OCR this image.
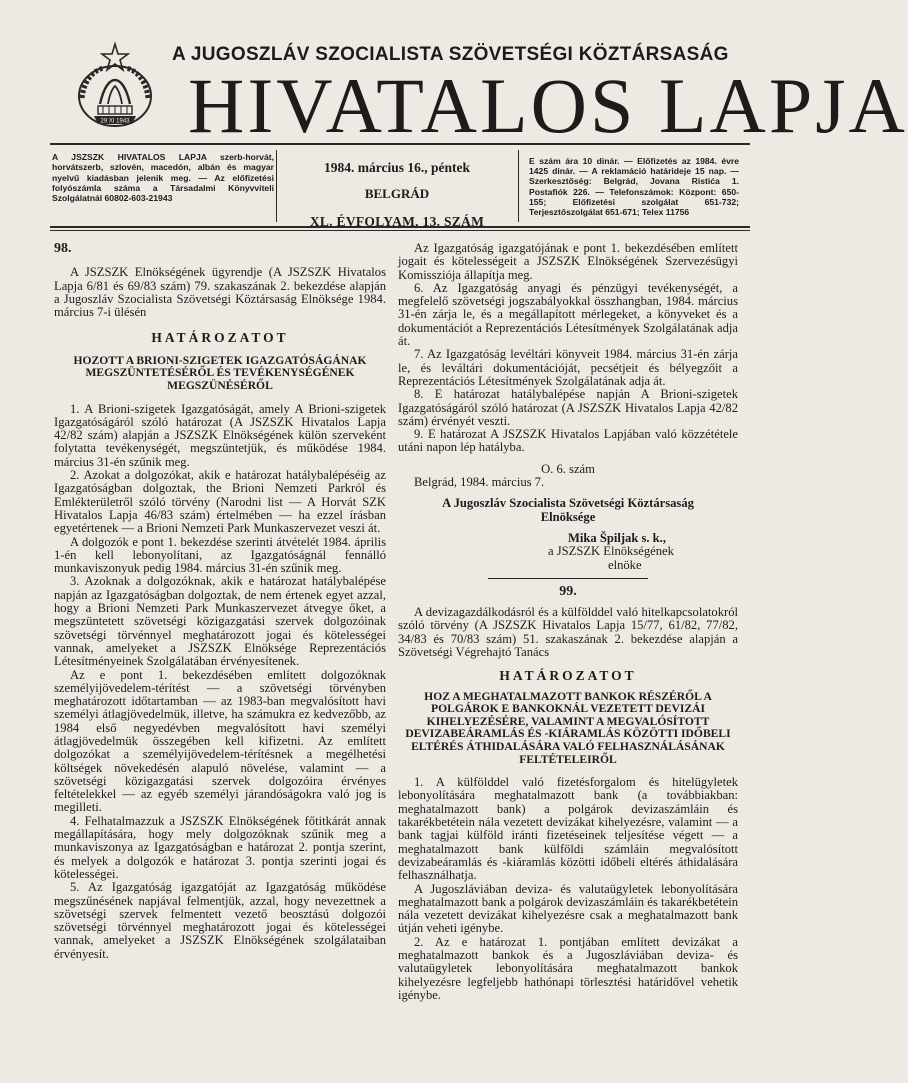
29 XI 1943
A JUGOSZLÁV SZOCIALISTA SZÖVETSÉGI KÖZTÁRSASÁG
HIVATALOS LAPJA
A JSZSZK HIVATALOS LAPJA szerb-horvát, horvátszerb, szlovén, macedón, albán és magyar nyelvű kiadásban jelenik meg. — Az előfizetési folyószámla száma a Társadalmi Könyvviteli Szolgálatnál 60802-603-21943
1984. március 16., péntek
BELGRÁD
XL. ÉVFOLYAM, 13. SZÁM
E szám ára 10 dinár. — Előfizetés az 1984. évre 1425 dinár. — A reklamáció határideje 15 nap. — Szerkesztőség: Belgrád, Jovana Ristića 1. Postafiók 226. — Telefonszámok: Központ: 650-155; Előfizetési szolgálat 651-732; Terjesztőszolgálat 651-671; Telex 11756

98.

A JSZSZK Elnökségének ügyrendje (A JSZSZK Hivatalos Lapja 6/81 és 69/83 szám) 79. szakaszának 2. bekezdése alapján a Jugoszláv Szocialista Szövetségi Köztársaság Elnöksége 1984. március 7-i ülésén

HATÁROZATOT

HOZOTT A BRIONI-SZIGETEK IGAZGATÓSÁGÁNAK MEGSZÜNTETÉSÉRŐL ÉS TEVÉKENYSÉGÉNEK MEGSZÜNÉSÉRŐL

1. A Brioni-szigetek Igazgatóságát, amely A Brioni-szigetek Igazgatóságáról szóló határozat (A JSZSZK Hivatalos Lapja 42/82 szám) alapján a JSZSZK Elnökségének külön szerveként folytatta tevékenységét, megszüntetjük, és működése 1984. március 31-én szűnik meg.

2. Azokat a dolgozókat, akik e határozat hatálybalépéséig az Igazgatóságban dolgoztak, the Brioni Nemzeti Parkról és Emlékterületről szóló törvény (Narodni list — A Horvát SZK Hivatalos Lapja 46/83 szám) értelmében — ha ezzel írásban egyetértenek — a Brioni Nemzeti Park Munkaszervezet veszi át.

A dolgozók e pont 1. bekezdése szerinti átvételét 1984. április 1-én kell lebonyolítani, az Igazgatóságnál fennálló munkaviszonyuk pedig 1984. március 31-én szűnik meg.

3. Azoknak a dolgozóknak, akik e határozat hatálybalépése napján az Igazgatóságban dolgoztak, de nem értenek egyet azzal, hogy a Brioni Nemzeti Park Munkaszervezet átvegye őket, a megszüntetett szövetségi közigazgatási szervek dolgozóinak szövetségi törvénnyel meghatározott jogai és kötelességei vannak, amelyeket a JSZSZK Elnöksége Reprezentációs Létesítményeinek Szolgálatában érvényesítenek.

Az e pont 1. bekezdésében említett dolgozóknak személyijövedelem-térítést — a szövetségi törvényben meghatározott időtartamban — az 1983-ban megvalósított havi személyi átlagjövedelmük, illetve, ha számukra ez kedvezőbb, az 1984 első negyedévben megvalósított havi személyi átlagjövedelmük összegében kell kifizetni. Az említett dolgozókat a személyijövedelem-térítésnek a megélhetési költségek növekedésén alapuló növelése, valamint — a szövetségi közigazgatási szervek dolgozóira érvényes feltételekkel — az egyéb személyi járandóságokra való jog is megilleti.

4. Felhatalmazzuk a JSZSZK Elnökségének főtitkárát annak megállapítására, hogy mely dolgozóknak szűnik meg a munkaviszonya az Igazgatóságban e határozat 2. pontja szerint, és melyek a dolgozók e határozat 3. pontja szerinti jogai és kötelességei.

5. Az Igazgatóság igazgatóját az Igazgatóság működése megszűnésének napjával felmentjük, azzal, hogy nevezettnek a szövetségi szervek felmentett vezető beosztású dolgozói szövetségi törvénnyel meghatározott jogai és kötelességei vannak, amelyeket a JSZSZK Elnökségének szolgálataiban érvényesít.

Az Igazgatóság igazgatójának e pont 1. bekezdésében említett jogait és kötelességeit a JSZSZK Elnökségének Szervezésügyi Komissziója állapítja meg.

6. Az Igazgatóság anyagi és pénzügyi tevékenységét, a megfelelő szövetségi jogszabályokkal összhangban, 1984. március 31-én zárja le, és a megállapított mérlegeket, a könyveket és a dokumentációt a Reprezentációs Létesítmények Szolgálatának adja át.

7. Az Igazgatóság levéltári könyveit 1984. március 31-én zárja le, és leváltári dokumentációját, pecsétjeit és bélyegzőit a Reprezentációs Létesítmények Szolgálatának adja át.

8. E határozat hatálybalépése napján A Brioni-szigetek Igazgatóságáról szóló határozat (A JSZSZK Hivatalos Lapja 42/82 szám) érvényét veszti.

9. E határozat A JSZSZK Hivatalos Lapjában való közzététele utáni napon lép hatályba.

O. 6. szám

Belgrád, 1984. március 7.

A Jugoszláv Szocialista Szövetségi Köztársaság Elnöksége

Mika Špiljak s. k.,

a JSZSZK Elnökségének

elnöke

99.

A devizagazdálkodásról és a külfölddel való hitelkapcsolatokról szóló törvény (A JSZSZK Hivatalos Lapja 15/77, 61/82, 77/82, 34/83 és 70/83 szám) 51. szakaszának 2. bekezdése alapján a Szövetségi Végrehajtó Tanács

HATÁROZATOT

HOZ A MEGHATALMAZOTT BANKOK RÉSZÉRŐL A POLGÁROK E BANKOKNÁL VEZETETT DEVIZÁI KIHELYEZÉSÉRE, VALAMINT A MEGVALÓSÍTOTT DEVIZABEÁRAMLÁS ÉS -KIÁRAMLÁS KÖZÖTTI IDŐBELI ELTÉRÉS ÁTHIDALÁSÁRA VALÓ FELHASZNÁLÁSÁNAK FELTÉTELEIRŐL

1. A külfölddel való fizetésforgalom és hitelügyletek lebonyolítására meghatalmazott bank (a továbbiakban: meghatalmazott bank) a polgárok devizaszámláin és takarékbetétein nála vezetett devizákat kihelyezésre, valamint — a bank tagjai külföld iránti fizetéseinek teljesítése végett — a meghatalmazott bank külföldi számláin megvalósított devizabeáramlás és -kiáramlás közötti időbeli eltérés áthidalására felhasználhatja.

A Jugoszláviában deviza- és valutaügyletek lebonyolítására meghatalmazott bank a polgárok devizaszámláin és takarékbetétein nála vezetett devizákat kihelyezésre csak a meghatalmazott bank útján veheti igénybe.

2. Az e határozat 1. pontjában említett devizákat a meghatalmazott bankok és a Jugoszláviában deviza- és valutaügyletek lebonyolítására meghatalmazott bankok kihelyezésre legfeljebb hathónapi törlesztési határidővel vehetik igénybe.
